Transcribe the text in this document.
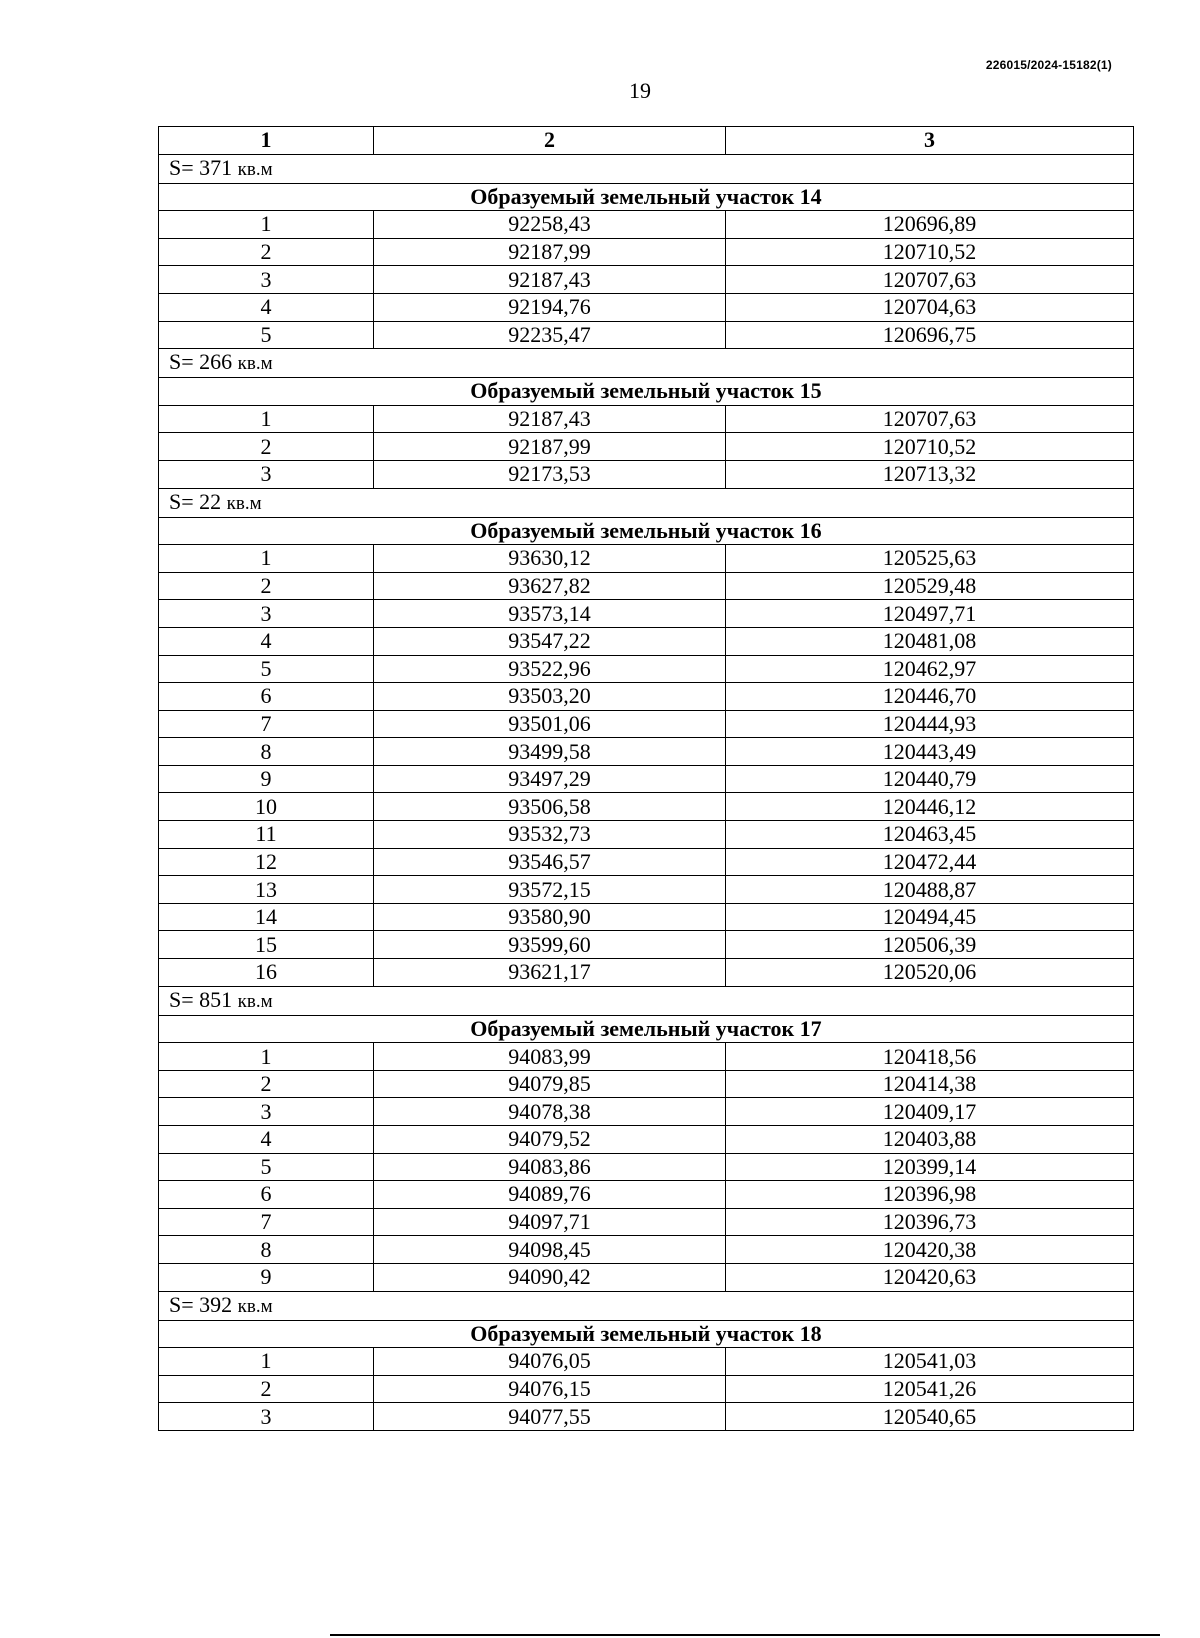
226015/2024-15182(1)
19
1	2	3
S= 371 кв.м		
Образуемый земельный участок 14		
1	92258,43	120696,89
2	92187,99	120710,52
3	92187,43	120707,63
4	92194,76	120704,63
5	92235,47	120696,75
S= 266 кв.м		
Образуемый земельный участок 15		
1	92187,43	120707,63
2	92187,99	120710,52
3	92173,53	120713,32
S= 22 кв.м		
Образуемый земельный участок 16		
1	93630,12	120525,63
2	93627,82	120529,48
3	93573,14	120497,71
4	93547,22	120481,08
5	93522,96	120462,97
6	93503,20	120446,70
7	93501,06	120444,93
8	93499,58	120443,49
9	93497,29	120440,79
10	93506,58	120446,12
11	93532,73	120463,45
12	93546,57	120472,44
13	93572,15	120488,87
14	93580,90	120494,45
15	93599,60	120506,39
16	93621,17	120520,06
S= 851 кв.м		
Образуемый земельный участок 17		
1	94083,99	120418,56
2	94079,85	120414,38
3	94078,38	120409,17
4	94079,52	120403,88
5	94083,86	120399,14
6	94089,76	120396,98
7	94097,71	120396,73
8	94098,45	120420,38
9	94090,42	120420,63
S= 392 кв.м		
Образуемый земельный участок 18		
1	94076,05	120541,03
2	94076,15	120541,26
3	94077,55	120540,65
